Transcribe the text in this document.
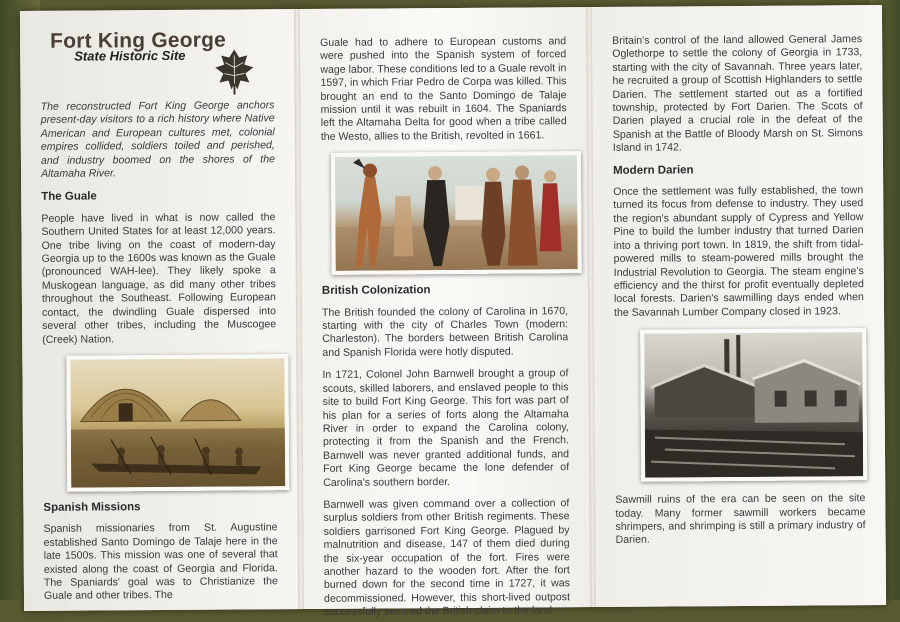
Fort King George
State Historic Site

The reconstructed Fort King George anchors present-day visitors to a rich history where Native American and European cultures met, colonial empires collided, soldiers toiled and perished, and industry boomed on the shores of the Altamaha River.

The Guale

People have lived in what is now called the Southern United States for at least 12,000 years. One tribe living on the coast of modern-day Georgia up to the 1600s was known as the Guale (pronounced WAH-lee). They likely spoke a Muskogean language, as did many other tribes throughout the Southeast. Following European contact, the dwindling Guale dispersed into several other tribes, including the Muscogee (Creek) Nation.

Spanish Missions

Spanish missionaries from St. Augustine established Santo Domingo de Talaje here in the late 1500s. This mission was one of several that existed along the coast of Georgia and Florida. The Spaniards' goal was to Christianize the Guale and other tribes. The

Guale had to adhere to European customs and were pushed into the Spanish system of forced wage labor. These conditions led to a Guale revolt in 1597, in which Friar Pedro de Corpa was killed. This brought an end to the Santo Domingo de Talaje mission until it was rebuilt in 1604. The Spaniards left the Altamaha Delta for good when a tribe called the Westo, allies to the British, revolted in 1661.

British Colonization

The British founded the colony of Carolina in 1670, starting with the city of Charles Town (modern: Charleston). The borders between British Carolina and Spanish Florida were hotly disputed.

In 1721, Colonel John Barnwell brought a group of scouts, skilled laborers, and enslaved people to this site to build Fort King George. This fort was part of his plan for a series of forts along the Altamaha River in order to expand the Carolina colony, protecting it from the Spanish and the French. Barnwell was never granted additional funds, and Fort King George became the lone defender of Carolina's southern border.

Barnwell was given command over a collection of surplus soldiers from other British regiments. These soldiers garrisoned Fort King George. Plagued by malnutrition and disease, 147 of them died during the six-year occupation of the fort. Fires were another hazard to the wooden fort. After the fort burned down for the second time in 1727, it was decommissioned. However, this short-lived outpost successfully secured the British claim to the land.

Britain's control of the land allowed General James Oglethorpe to settle the colony of Georgia in 1733, starting with the city of Savannah. Three years later, he recruited a group of Scottish Highlanders to settle Darien. The settlement started out as a fortified township, protected by Fort Darien. The Scots of Darien played a crucial role in the defeat of the Spanish at the Battle of Bloody Marsh on St. Simons Island in 1742.

Modern Darien

Once the settlement was fully established, the town turned its focus from defense to industry. They used the region's abundant supply of Cypress and Yellow Pine to build the lumber industry that turned Darien into a thriving port town. In 1819, the shift from tidal-powered mills to steam-powered mills brought the Industrial Revolution to Georgia. The steam engine's efficiency and the thirst for profit eventually depleted local forests. Darien's sawmilling days ended when the Savannah Lumber Company closed in 1923.

Sawmill ruins of the era can be seen on the site today. Many former sawmill workers became shrimpers, and shrimping is still a primary industry of Darien.
